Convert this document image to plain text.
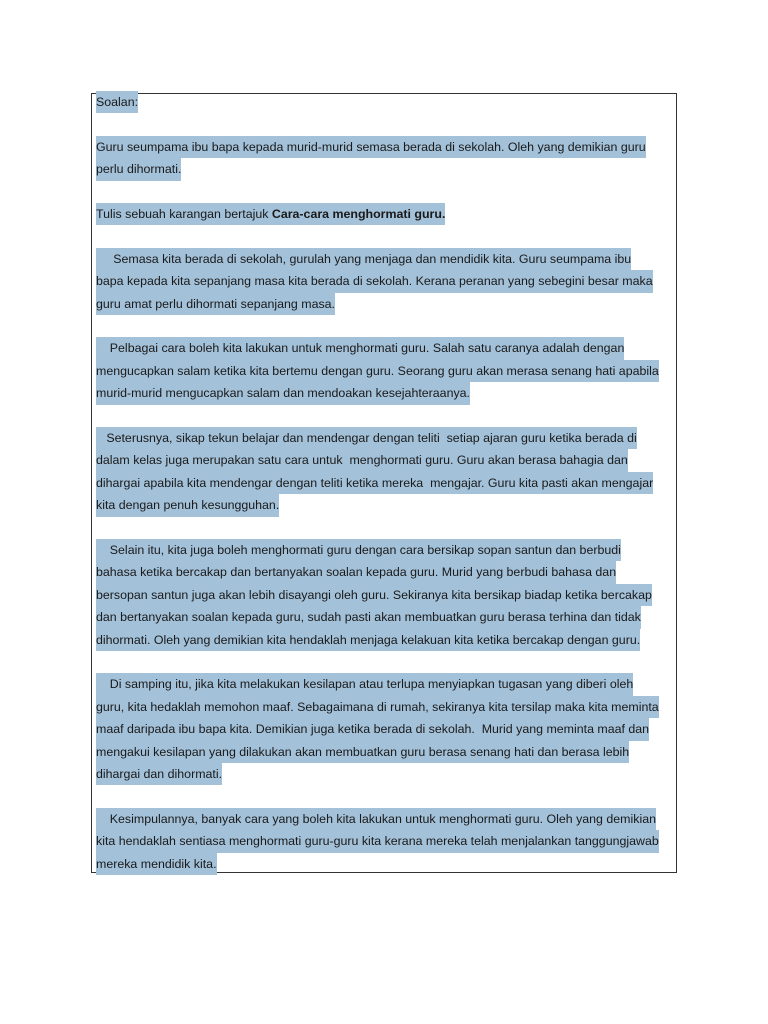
Soalan:
Guru seumpama ibu bapa kepada murid-murid semasa berada di sekolah. Oleh yang demikian guru
perlu dihormati.
Tulis sebuah karangan bertajuk Cara-cara menghormati guru.
Semasa kita berada di sekolah, gurulah yang menjaga dan mendidik kita. Guru seumpama ibu
bapa kepada kita sepanjang masa kita berada di sekolah. Kerana peranan yang sebegini besar maka
guru amat perlu dihormati sepanjang masa.
Pelbagai cara boleh kita lakukan untuk menghormati guru. Salah satu caranya adalah dengan
mengucapkan salam ketika kita bertemu dengan guru. Seorang guru akan merasa senang hati apabila
murid-murid mengucapkan salam dan mendoakan kesejahteraanya.
Seterusnya, sikap tekun belajar dan mendengar dengan teliti  setiap ajaran guru ketika berada di
dalam kelas juga merupakan satu cara untuk  menghormati guru. Guru akan berasa bahagia dan
dihargai apabila kita mendengar dengan teliti ketika mereka  mengajar. Guru kita pasti akan mengajar
kita dengan penuh kesungguhan.
Selain itu, kita juga boleh menghormati guru dengan cara bersikap sopan santun dan berbudi
bahasa ketika bercakap dan bertanyakan soalan kepada guru. Murid yang berbudi bahasa dan
bersopan santun juga akan lebih disayangi oleh guru. Sekiranya kita bersikap biadap ketika bercakap
dan bertanyakan soalan kepada guru, sudah pasti akan membuatkan guru berasa terhina dan tidak
dihormati. Oleh yang demikian kita hendaklah menjaga kelakuan kita ketika bercakap dengan guru.
Di samping itu, jika kita melakukan kesilapan atau terlupa menyiapkan tugasan yang diberi oleh
guru, kita hedaklah memohon maaf. Sebagaimana di rumah, sekiranya kita tersilap maka kita meminta
maaf daripada ibu bapa kita. Demikian juga ketika berada di sekolah.  Murid yang meminta maaf dan
mengakui kesilapan yang dilakukan akan membuatkan guru berasa senang hati dan berasa lebih
dihargai dan dihormati.
Kesimpulannya, banyak cara yang boleh kita lakukan untuk menghormati guru. Oleh yang demikian
kita hendaklah sentiasa menghormati guru-guru kita kerana mereka telah menjalankan tanggungjawab
mereka mendidik kita.
